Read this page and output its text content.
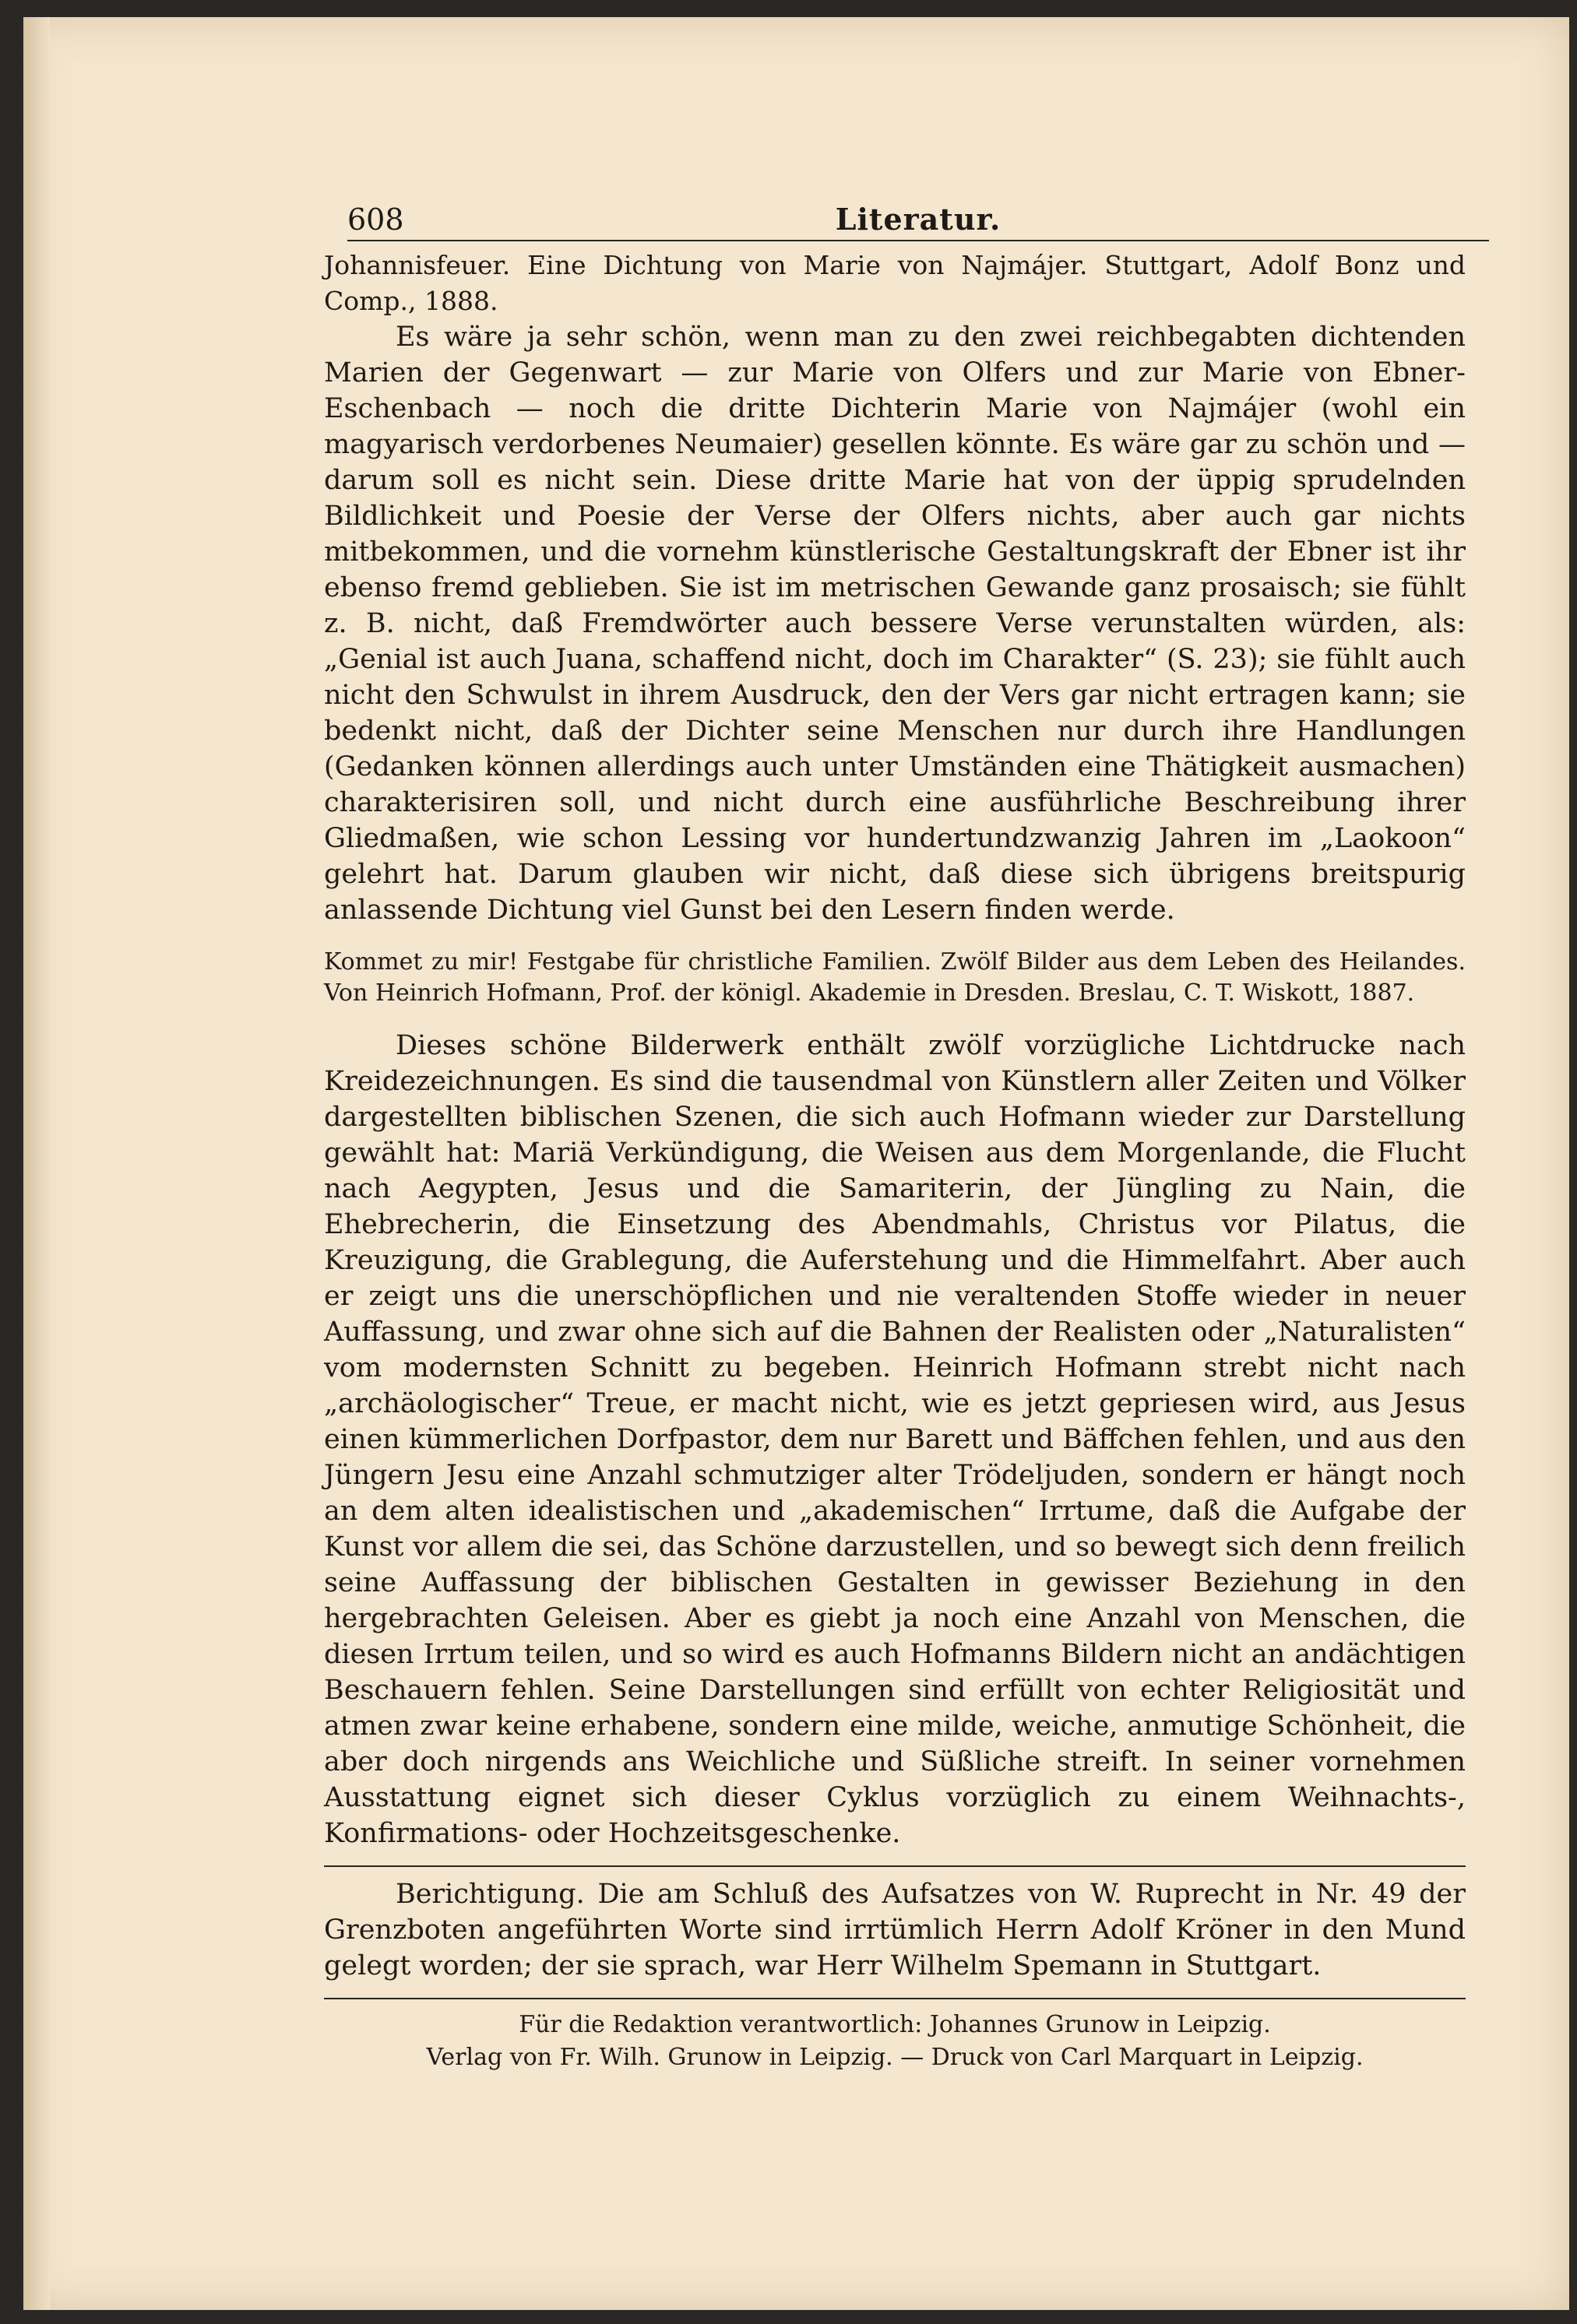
608	Literatur.

Johannisfeuer. Eine Dichtung von Marie von Najmájer. Stuttgart, Adolf Bonz und Comp., 1888.

Es wäre ja sehr schön, wenn man zu den zwei reichbegabten dichtenden Marien der Gegenwart — zur Marie von Olfers und zur Marie von Ebner-Eschenbach — noch die dritte Dichterin Marie von Najmájer (wohl ein magyarisch verdorbenes Neumaier) gesellen könnte. Es wäre gar zu schön und — darum soll es nicht sein. Diese dritte Marie hat von der üppig sprudelnden Bildlichkeit und Poesie der Verse der Olfers nichts, aber auch gar nichts mitbekommen, und die vornehm künstlerische Gestaltungskraft der Ebner ist ihr ebenso fremd geblieben. Sie ist im metrischen Gewande ganz prosaisch; sie fühlt z. B. nicht, daß Fremdwörter auch bessere Verse verunstalten würden, als: „Genial ist auch Juana, schaffend nicht, doch im Charakter“ (S. 23); sie fühlt auch nicht den Schwulst in ihrem Ausdruck, den der Vers gar nicht ertragen kann; sie bedenkt nicht, daß der Dichter seine Menschen nur durch ihre Handlungen (Gedanken können allerdings auch unter Umständen eine Thätigkeit ausmachen) charakterisiren soll, und nicht durch eine ausführliche Beschreibung ihrer Gliedmaßen, wie schon Lessing vor hundertundzwanzig Jahren im „Laokoon“ gelehrt hat. Darum glauben wir nicht, daß diese sich übrigens breitspurig anlassende Dichtung viel Gunst bei den Lesern finden werde.

Kommet zu mir! Festgabe für christliche Familien. Zwölf Bilder aus dem Leben des Heilandes. Von Heinrich Hofmann, Prof. der königl. Akademie in Dresden. Breslau, C. T. Wiskott, 1887.

Dieses schöne Bilderwerk enthält zwölf vorzügliche Lichtdrucke nach Kreidezeichnungen. Es sind die tausendmal von Künstlern aller Zeiten und Völker dargestellten biblischen Szenen, die sich auch Hofmann wieder zur Darstellung gewählt hat: Mariä Verkündigung, die Weisen aus dem Morgenlande, die Flucht nach Aegypten, Jesus und die Samariterin, der Jüngling zu Nain, die Ehebrecherin, die Einsetzung des Abendmahls, Christus vor Pilatus, die Kreuzigung, die Grablegung, die Auferstehung und die Himmelfahrt. Aber auch er zeigt uns die unerschöpflichen und nie veraltenden Stoffe wieder in neuer Auffassung, und zwar ohne sich auf die Bahnen der Realisten oder „Naturalisten“ vom modernsten Schnitt zu begeben. Heinrich Hofmann strebt nicht nach „archäologischer“ Treue, er macht nicht, wie es jetzt gepriesen wird, aus Jesus einen kümmerlichen Dorfpastor, dem nur Barett und Bäffchen fehlen, und aus den Jüngern Jesu eine Anzahl schmutziger alter Trödeljuden, sondern er hängt noch an dem alten idealistischen und „akademischen“ Irrtume, daß die Aufgabe der Kunst vor allem die sei, das Schöne darzustellen, und so bewegt sich denn freilich seine Auffassung der biblischen Gestalten in gewisser Beziehung in den hergebrachten Geleisen. Aber es giebt ja noch eine Anzahl von Menschen, die diesen Irrtum teilen, und so wird es auch Hofmanns Bildern nicht an andächtigen Beschauern fehlen. Seine Darstellungen sind erfüllt von echter Religiosität und atmen zwar keine erhabene, sondern eine milde, weiche, anmutige Schönheit, die aber doch nirgends ans Weichliche und Süßliche streift. In seiner vornehmen Ausstattung eignet sich dieser Cyklus vorzüglich zu einem Weihnachts-, Konfirmations- oder Hochzeitsgeschenke.

Berichtigung. Die am Schluß des Aufsatzes von W. Ruprecht in Nr. 49 der Grenzboten angeführten Worte sind irrtümlich Herrn Adolf Kröner in den Mund gelegt worden; der sie sprach, war Herr Wilhelm Spemann in Stuttgart.

Für die Redaktion verantwortlich: Johannes Grunow in Leipzig.

Verlag von Fr. Wilh. Grunow in Leipzig. — Druck von Carl Marquart in Leipzig.
